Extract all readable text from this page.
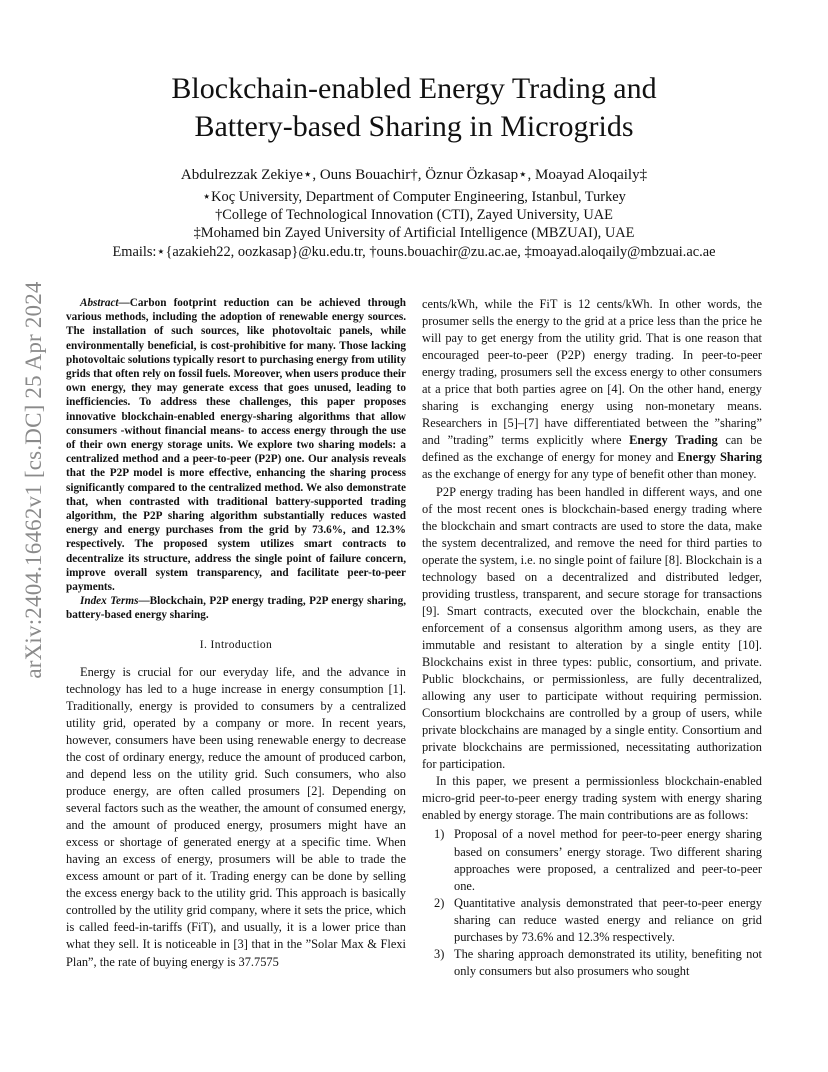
arXiv:2404.16462v1 [cs.DC] 25 Apr 2024
Blockchain-enabled Energy Trading and
Battery-based Sharing in Microgrids
Abdulrezzak Zekiye⋆, Ouns Bouachir†, Öznur Özkasap⋆, Moayad Aloqaily‡
⋆Koç University, Department of Computer Engineering, Istanbul, Turkey
†College of Technological Innovation (CTI), Zayed University, UAE
‡Mohamed bin Zayed University of Artificial Intelligence (MBZUAI), UAE
Emails:⋆{azakieh22, oozkasap}@ku.edu.tr, †ouns.bouachir@zu.ac.ae, ‡moayad.aloqaily@mbzuai.ac.ae

Abstract—Carbon footprint reduction can be achieved through various methods, including the adoption of renewable energy sources. The installation of such sources, like photovoltaic panels, while environmentally beneficial, is cost-prohibitive for many. Those lacking photovoltaic solutions typically resort to purchasing energy from utility grids that often rely on fossil fuels. Moreover, when users produce their own energy, they may generate excess that goes unused, leading to inefficiencies. To address these challenges, this paper proposes innovative blockchain-enabled energy-sharing algorithms that allow consumers -without financial means- to access energy through the use of their own energy storage units. We explore two sharing models: a centralized method and a peer-to-peer (P2P) one. Our analysis reveals that the P2P model is more effective, enhancing the sharing process significantly compared to the centralized method. We also demonstrate that, when contrasted with traditional battery-supported trading algorithm, the P2P sharing algorithm substantially reduces wasted energy and energy purchases from the grid by 73.6%, and 12.3% respectively. The proposed system utilizes smart contracts to decentralize its structure, address the single point of failure concern, improve overall system transparency, and facilitate peer-to-peer payments.

Index Terms—Blockchain, P2P energy trading, P2P energy sharing, battery-based energy sharing.

I. Introduction

Energy is crucial for our everyday life, and the advance in technology has led to a huge increase in energy consumption [1]. Traditionally, energy is provided to consumers by a centralized utility grid, operated by a company or more. In recent years, however, consumers have been using renewable energy to decrease the cost of ordinary energy, reduce the amount of produced carbon, and depend less on the utility grid. Such consumers, who also produce energy, are often called prosumers [2]. Depending on several factors such as the weather, the amount of consumed energy, and the amount of produced energy, prosumers might have an excess or shortage of generated energy at a specific time. When having an excess of energy, prosumers will be able to trade the excess amount or part of it. Trading energy can be done by selling the excess energy back to the utility grid. This approach is basically controlled by the utility grid company, where it sets the price, which is called feed-in-tariffs (FiT), and usually, it is a lower price than what they sell. It is noticeable in [3] that in the ”Solar Max & Flexi Plan”, the rate of buying energy is 37.7575

cents/kWh, while the FiT is 12 cents/kWh. In other words, the prosumer sells the energy to the grid at a price less than the price he will pay to get energy from the utility grid. That is one reason that encouraged peer-to-peer (P2P) energy trading. In peer-to-peer energy trading, prosumers sell the excess energy to other consumers at a price that both parties agree on [4]. On the other hand, energy sharing is exchanging energy using non-monetary means. Researchers in [5]–[7] have differentiated between the ”sharing” and ”trading” terms explicitly where Energy Trading can be defined as the exchange of energy for money and Energy Sharing as the exchange of energy for any type of benefit other than money.

P2P energy trading has been handled in different ways, and one of the most recent ones is blockchain-based energy trading where the blockchain and smart contracts are used to store the data, make the system decentralized, and remove the need for third parties to operate the system, i.e. no single point of failure [8]. Blockchain is a technology based on a decentralized and distributed ledger, providing trustless, transparent, and secure storage for transactions [9]. Smart contracts, executed over the blockchain, enable the enforcement of a consensus algorithm among users, as they are immutable and resistant to alteration by a single entity [10]. Blockchains exist in three types: public, consortium, and private. Public blockchains, or permissionless, are fully decentralized, allowing any user to participate without requiring permission. Consortium blockchains are controlled by a group of users, while private blockchains are managed by a single entity. Consortium and private blockchains are permissioned, necessitating authorization for participation.

In this paper, we present a permissionless blockchain-enabled micro-grid peer-to-peer energy trading system with energy sharing enabled by energy storage. The main contributions are as follows:

1) Proposal of a novel method for peer-to-peer energy sharing based on consumers’ energy storage. Two different sharing approaches were proposed, a centralized and peer-to-peer one.
2) Quantitative analysis demonstrated that peer-to-peer energy sharing can reduce wasted energy and reliance on grid purchases by 73.6% and 12.3% respectively.
3) The sharing approach demonstrated its utility, benefiting not only consumers but also prosumers who sought
